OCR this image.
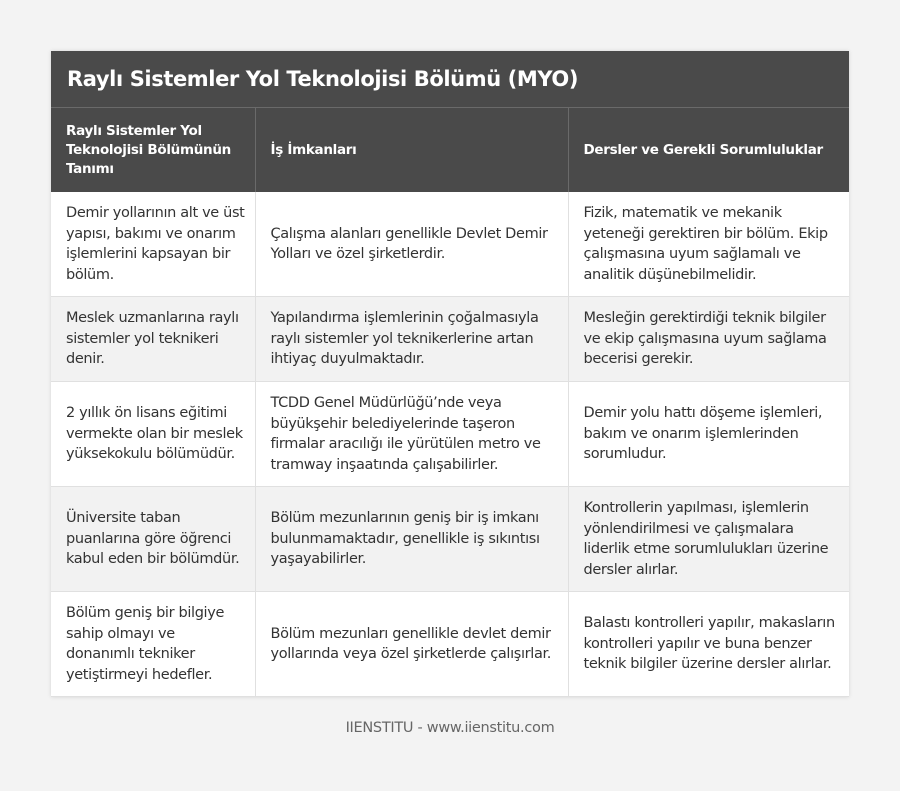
Raylı Sistemler Yol Teknolojisi Bölümü (MYO)
Raylı Sistemler Yol Teknolojisi Bölümünün Tanımı	İş İmkanları	Dersler ve Gerekli Sorumluluklar
Demir yollarının alt ve üst yapısı, bakımı ve onarım işlemlerini kapsayan bir bölüm.	Çalışma alanları genellikle Devlet Demir Yolları ve özel şirketlerdir.	Fizik, matematik ve mekanik yeteneği gerektiren bir bölüm. Ekip çalışmasına uyum sağlamalı ve analitik düşünebilmelidir.
Meslek uzmanlarına raylı sistemler yol teknikeri denir.	Yapılandırma işlemlerinin çoğalmasıyla raylı sistemler yol teknikerlerine artan ihtiyaç duyulmaktadır.	Mesleğin gerektirdiği teknik bilgiler ve ekip çalışmasına uyum sağlama becerisi gerekir.
2 yıllık ön lisans eğitimi vermekte olan bir meslek yüksekokulu bölümüdür.	TCDD Genel Müdürlüğü’nde veya büyükşehir belediyelerinde taşeron firmalar aracılığı ile yürütülen metro ve tramway inşaatında çalışabilirler.	Demir yolu hattı döşeme işlemleri, bakım ve onarım işlemlerinden sorumludur.
Üniversite taban puanlarına göre öğrenci kabul eden bir bölümdür.	Bölüm mezunlarının geniş bir iş imkanı bulunmamaktadır, genellikle iş sıkıntısı yaşayabilirler.	Kontrollerin yapılması, işlemlerin yönlendirilmesi ve çalışmalara liderlik etme sorumlulukları üzerine dersler alırlar.
Bölüm geniş bir bilgiye sahip olmayı ve donanımlı tekniker yetiştirmeyi hedefler.	Bölüm mezunları genellikle devlet demir yollarında veya özel şirketlerde çalışırlar.	Balastı kontrolleri yapılır, makasların kontrolleri yapılır ve buna benzer teknik bilgiler üzerine dersler alırlar.
IIENSTITU - www.iienstitu.com
